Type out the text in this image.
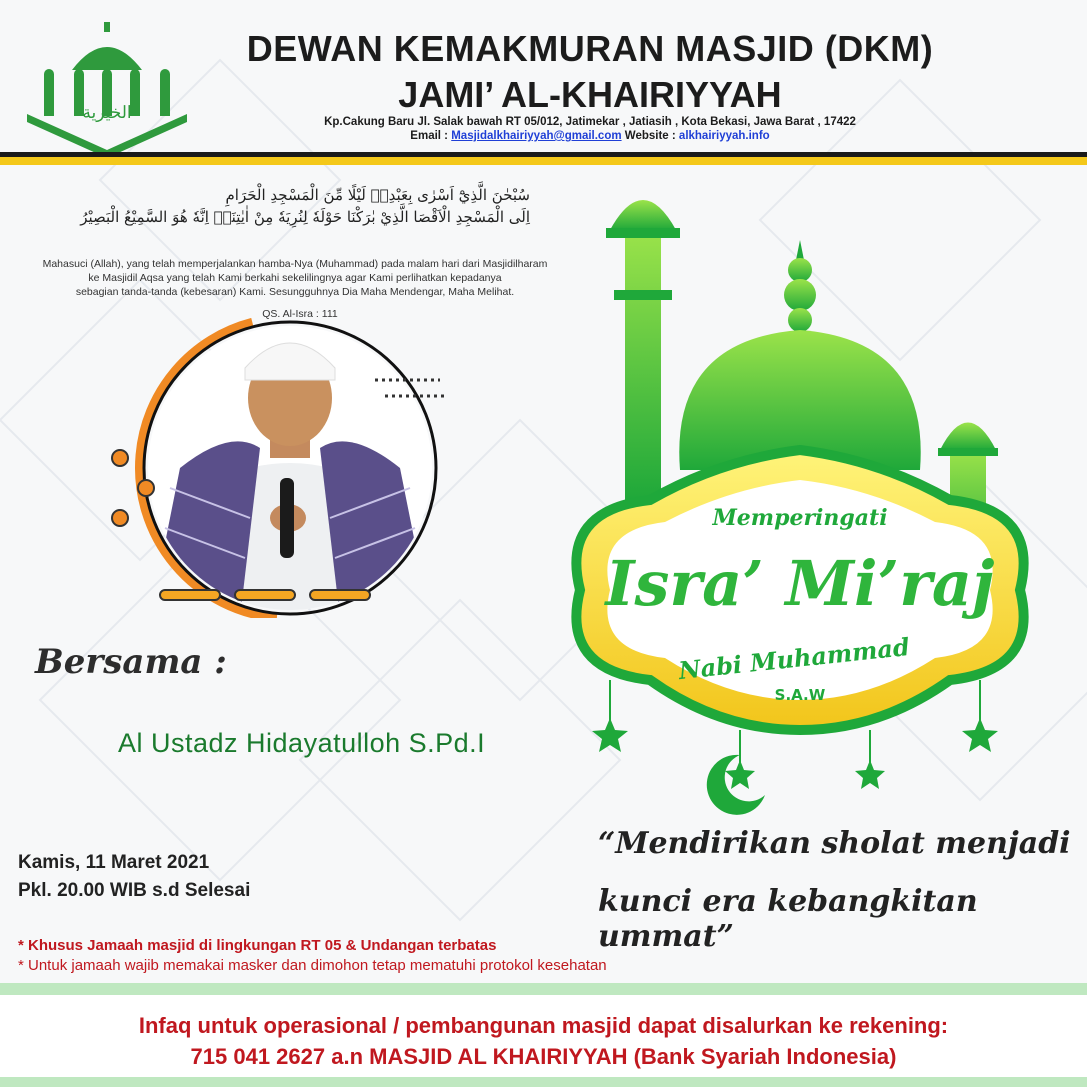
الخيرية
DEWAN KEMAKMURAN MASJID (DKM)
JAMI’ AL-KHAIRIYYAH
Kp.Cakung Baru Jl. Salak bawah RT 05/012, Jatimekar , Jatiasih , Kota Bekasi, Jawa Barat , 17422
Email : Masjidalkhairiyyah@gmail.com Website : alkhairiyyah.info
سُبْحٰنَ الَّذِيْٓ اَسْرٰى بِعَبْدِهٖ لَيْلًا مِّنَ الْمَسْجِدِ الْحَرَامِ
اِلَى الْمَسْجِدِ الْاَقْصَا الَّذِيْ بٰرَكْنَا حَوْلَهٗ لِنُرِيَهٗ مِنْ اٰيٰتِنَاۗ اِنَّهٗ هُوَ السَّمِيْعُ الْبَصِيْرُ
Mahasuci (Allah), yang telah memperjalankan hamba-Nya (Muhammad) pada malam hari dari Masjidilharam
ke Masjidil Aqsa yang telah Kami berkahi sekelilingnya agar Kami perlihatkan kepadanya
sebagian tanda-tanda (kebesaran) Kami. Sesungguhnya Dia Maha Mendengar, Maha Melihat.
QS. Al-Isra : 111
Bersama :
Al Ustadz Hidayatulloh S.Pd.I
Kamis, 11 Maret 2021
Pkl. 20.00 WIB s.d Selesai
* Khusus Jamaah masjid di lingkungan RT 05 & Undangan terbatas
* Untuk jamaah wajib memakai masker dan dimohon tetap mematuhi protokol kesehatan
Memperingati
Isra’ Mi’raj
Nabi Muhammad
S.A.W
“Mendirikan sholat menjadi
kunci era kebangkitan ummat”
Infaq untuk operasional / pembangunan masjid dapat disalurkan ke rekening:
715 041 2627 a.n MASJID AL KHAIRIYYAH (Bank Syariah Indonesia)
